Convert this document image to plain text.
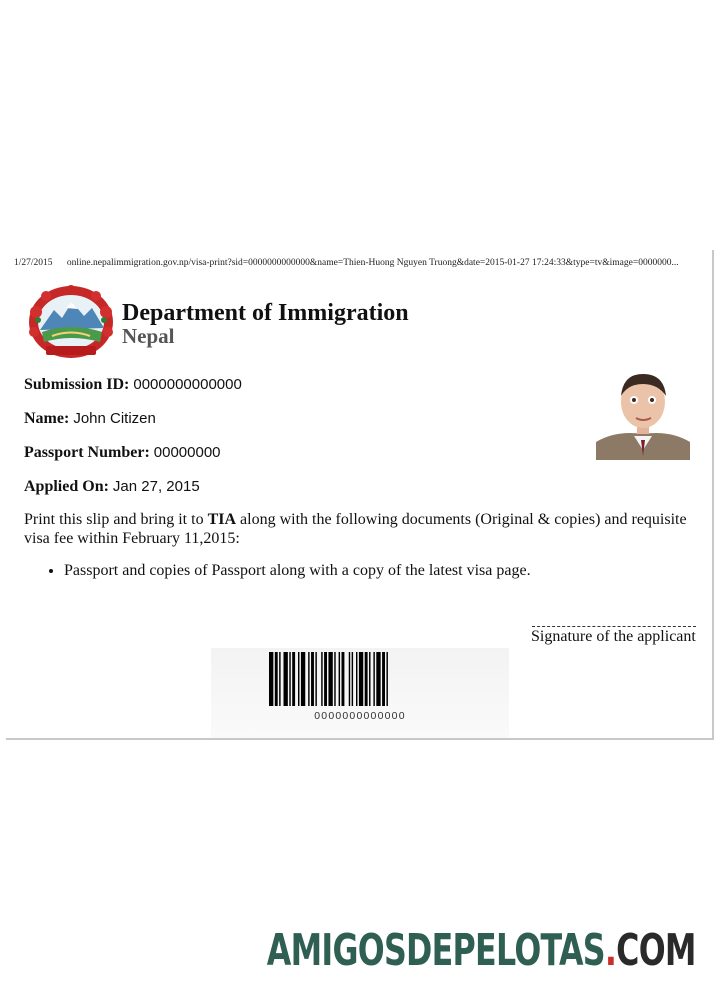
1/27/2015 online.nepalimmigration.gov.np/visa-print?sid=0000000000000&name=Thien-Huong Nguyen Truong&date=2015-01-27 17:24:33&type=tv&image=0000000...
Department of Immigration
Nepal
Submission ID: 0000000000000
Name: John Citizen
Passport Number: 00000000
Applied On: Jan 27, 2015
Print this slip and bring it to TIA along with the following documents (Original & copies) and requisite visa fee within February 11,2015:
• Passport and copies of Passport along with a copy of the latest visa page.
Signature of the applicant
0000000000000
AMIGOSDEPELOTAS.COM
